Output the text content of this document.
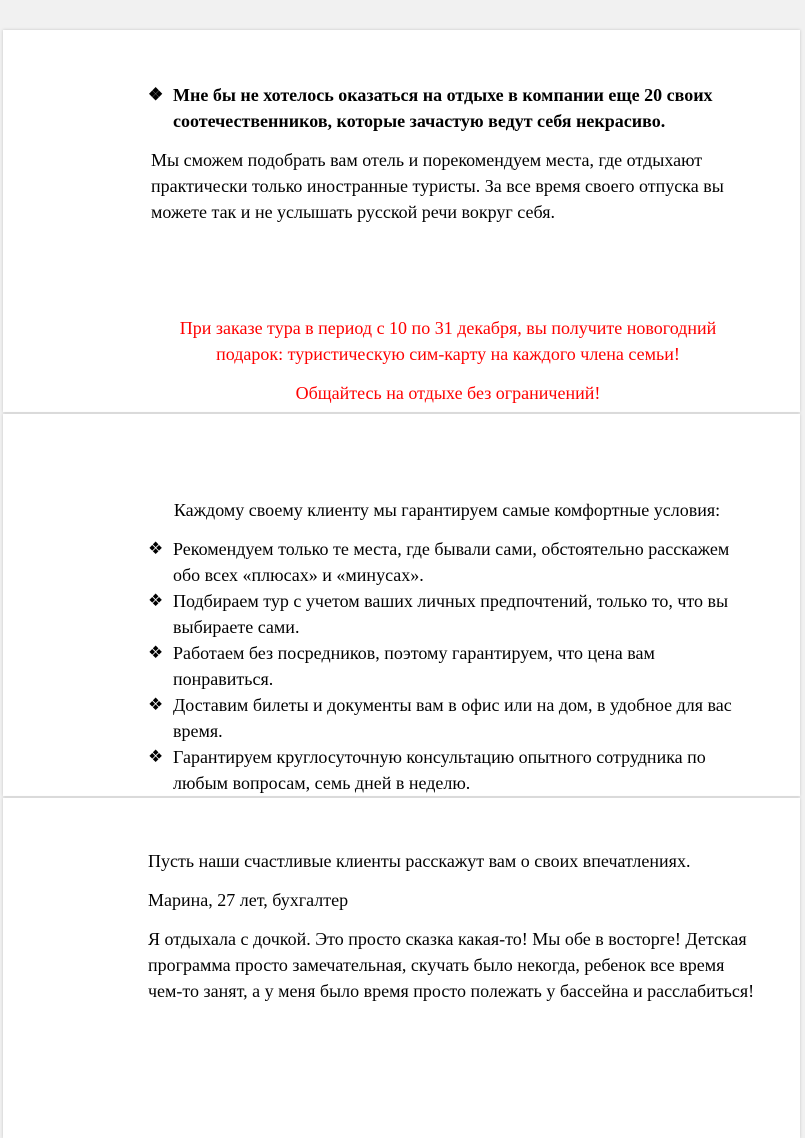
❖ Мне бы не хотелось оказаться на отдыхе в компании еще 20 своих соотечественников, которые зачастую ведут себя некрасиво.

Мы сможем подобрать вам отель и порекомендуем места, где отдыхают практически только иностранные туристы. За все время своего отпуска вы можете так и не услышать русской речи вокруг себя.

При заказе тура в период с 10 по 31 декабря, вы получите новогодний

подарок: туристическую сим-карту на каждого члена семьи!

Общайтесь на отдыхе без ограничений!

Каждому своему клиенту мы гарантируем самые комфортные условия:

❖ Рекомендуем только те места, где бывали сами, обстоятельно расскажем обо всех «плюсах» и «минусах».
❖ Подбираем тур с учетом ваших личных предпочтений, только то, что вы выбираете сами.
❖ Работаем без посредников, поэтому гарантируем, что цена вам понравиться.
❖ Доставим билеты и документы вам в офис или на дом, в удобное для вас время.
❖ Гарантируем круглосуточную консультацию опытного сотрудника по любым вопросам, семь дней в неделю.

Пусть наши счастливые клиенты расскажут вам о своих впечатлениях.

Марина, 27 лет, бухгалтер

Я отдыхала с дочкой. Это просто сказка какая-то! Мы обе в восторге! Детская программа просто замечательная, скучать было некогда, ребенок все время чем-то занят, а у меня было время просто полежать у бассейна и расслабиться!
